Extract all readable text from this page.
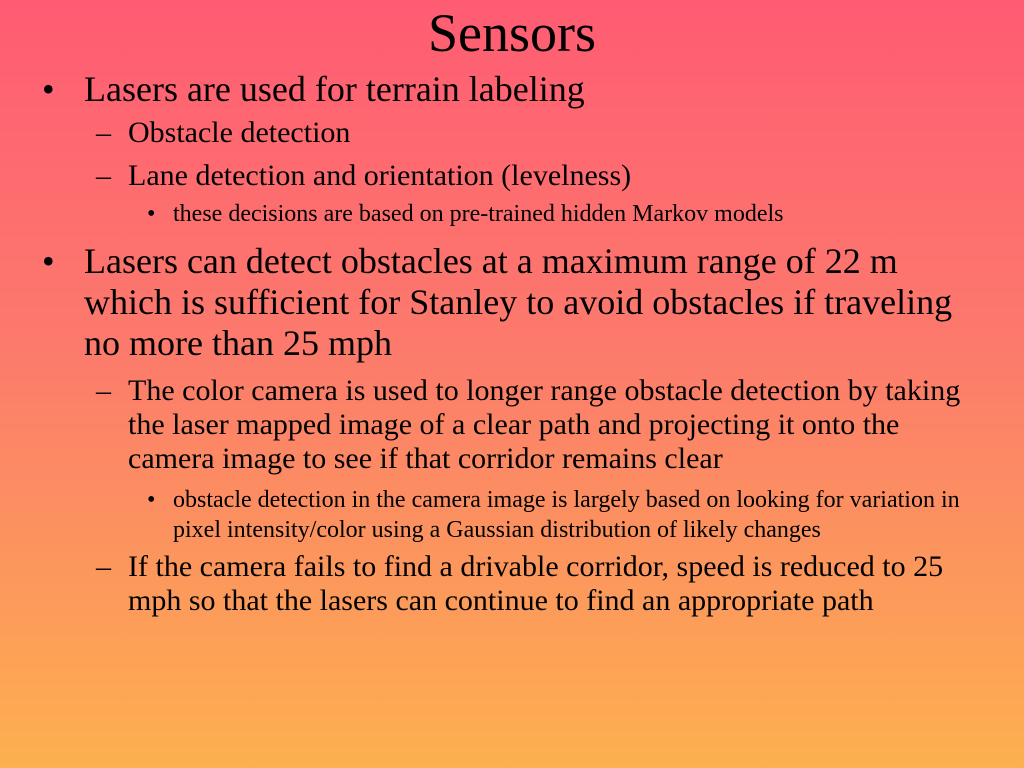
Sensors
• Lasers are used for terrain labeling
– Obstacle detection
– Lane detection and orientation (levelness)
• these decisions are based on pre-trained hidden Markov models
• Lasers can detect obstacles at a maximum range of 22 m which is sufficient for Stanley to avoid obstacles if traveling no more than 25 mph
– The color camera is used to longer range obstacle detection by taking the laser mapped image of a clear path and projecting it onto the camera image to see if that corridor remains clear
• obstacle detection in the camera image is largely based on looking for variation in pixel intensity/color using a Gaussian distribution of likely changes
– If the camera fails to find a drivable corridor, speed is reduced to 25 mph so that the lasers can continue to find an appropriate path
